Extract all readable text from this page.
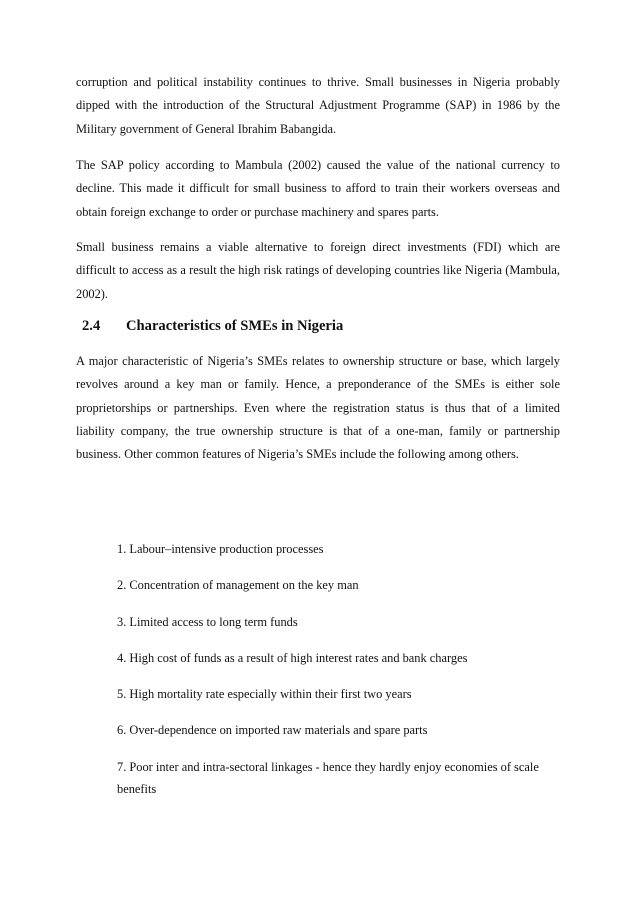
corruption and political instability continues to thrive. Small businesses in Nigeria probably dipped with the introduction of the Structural Adjustment Programme (SAP) in 1986 by the Military government of General Ibrahim Babangida.

The SAP policy according to Mambula (2002) caused the value of the national currency to decline. This made it difficult for small business to afford to train their workers overseas and obtain foreign exchange to order or purchase machinery and spares parts.

Small business remains a viable alternative to foreign direct investments (FDI) which are difficult to access as a result the high risk ratings of developing countries like Nigeria (Mambula, 2002).

2.4 Characteristics of SMEs in Nigeria

A major characteristic of Nigeria’s SMEs relates to ownership structure or base, which largely revolves around a key man or family. Hence, a preponderance of the SMEs is either sole proprietorships or partnerships. Even where the registration status is thus that of a limited liability company, the true ownership structure is that of a one-man, family or partnership business. Other common features of Nigeria’s SMEs include the following among others.

1. Labour–intensive production processes
2. Concentration of management on the key man
3. Limited access to long term funds
4. High cost of funds as a result of high interest rates and bank charges
5. High mortality rate especially within their first two years
6. Over-dependence on imported raw materials and spare parts
7. Poor inter and intra-sectoral linkages - hence they hardly enjoy economies of scale benefits
